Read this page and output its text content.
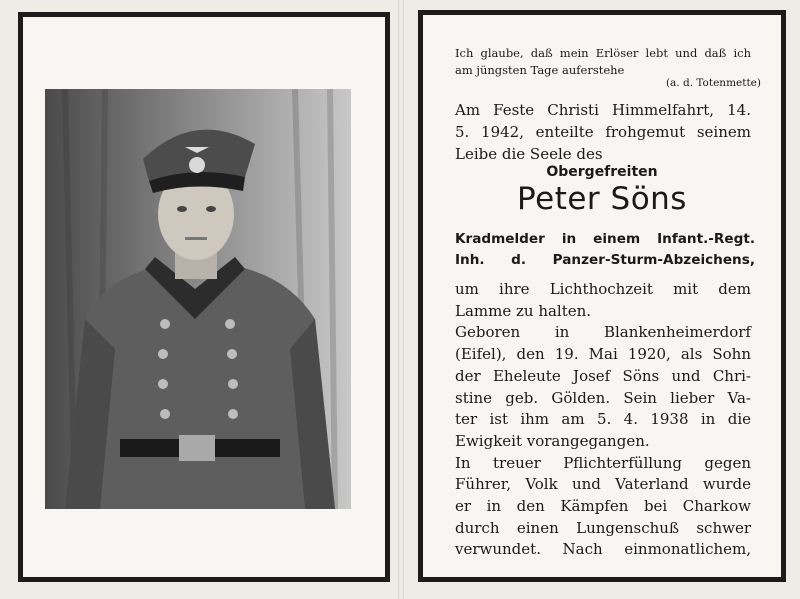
Ich glaube, daß mein Erlöser lebt und daß ich
am jüngsten Tage auferstehe
(a. d. Totenmette)
Am Feste Christi Himmelfahrt, 14.
5. 1942, enteilte frohgemut seinem
Leibe die Seele des
Obergefreiten
Peter Söns
Kradmelder in einem Infant.-Regt.
Inh. d. Panzer-Sturm-Abzeichens,
um ihre Lichthochzeit mit dem
Lamme zu halten.
Geboren in Blankenheimerdorf
(Eifel), den 19. Mai 1920, als Sohn
der Eheleute Josef Söns und Chri-
stine geb. Gölden. Sein lieber Va-
ter ist ihm am 5. 4. 1938 in die
Ewigkeit vorangegangen.
In treuer Pflichterfüllung gegen
Führer, Volk und Vaterland wurde
er in den Kämpfen bei Charkow
durch einen Lungenschuß schwer
verwundet. Nach einmonatlichem,
